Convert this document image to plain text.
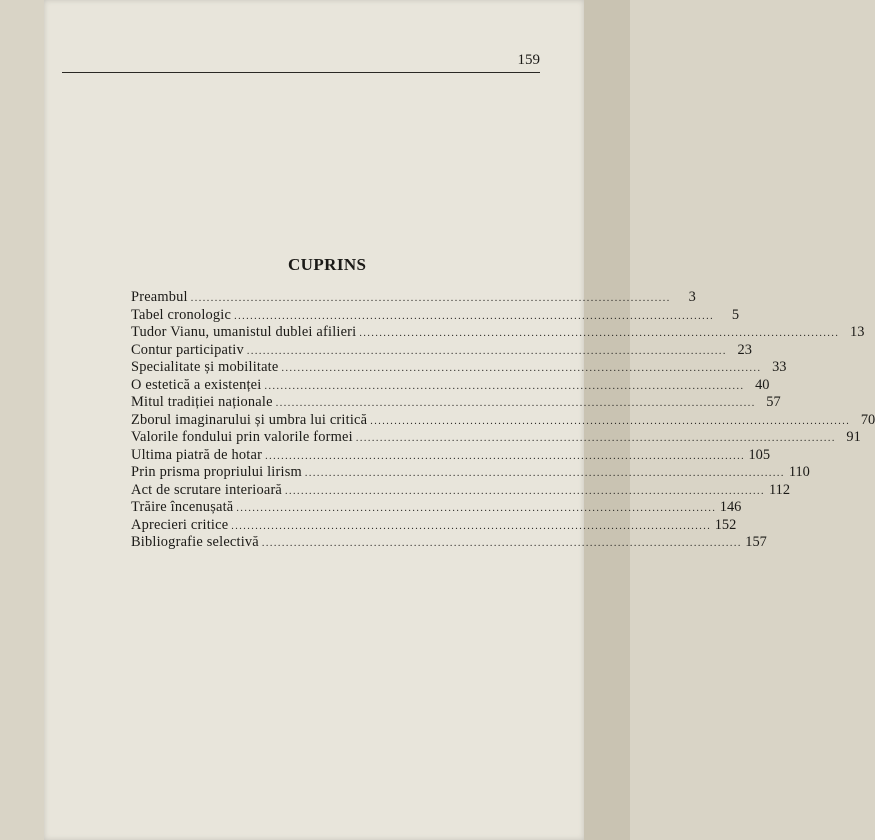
159
CUPRINS
Preambul ........................................................................................................................	3
Tabel cronologic ........................................................................................................................	5
Tudor Vianu, umanistul dublei afilieri ........................................................................................................................ 13
Contur participativ ........................................................................................................................ 23
Specialitate și mobilitate ........................................................................................................................ 33
O estetică a existenței ........................................................................................................................ 40
Mitul tradiției naționale ........................................................................................................................ 57
Zborul imaginarului și umbra lui critică ........................................................................................................................ 70
Valorile fondului prin valorile formei ........................................................................................................................ 91
Ultima piatră de hotar ........................................................................................................................ 105
Prin prisma propriului lirism ........................................................................................................................ 110
Act de scrutare interioară ........................................................................................................................ 112
Trăire încenușată ........................................................................................................................ 146
Aprecieri critice ........................................................................................................................ 152
Bibliografie selectivă ........................................................................................................................ 157
